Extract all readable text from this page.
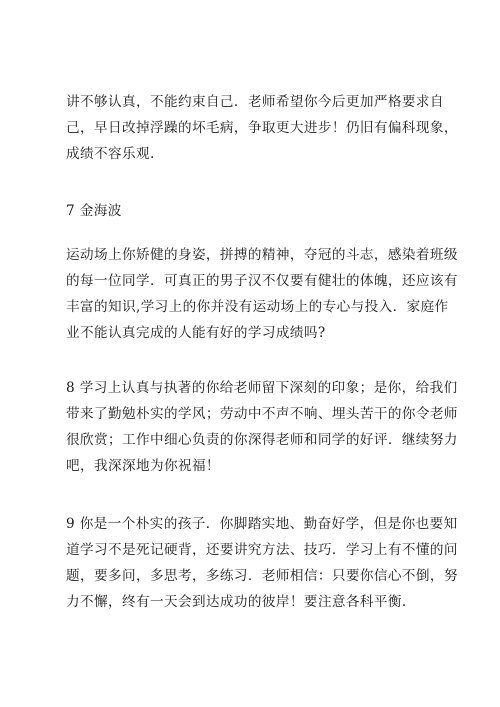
讲不够认真，不能约束自己．老师希望你今后更加严格要求自
己，早日改掉浮躁的坏毛病，争取更大进步！仍旧有偏科现象，
成绩不容乐观.
7 金海波
运动场上你矫健的身姿，拼搏的精神，夺冠的斗志，感染着班级
的每一位同学．可真正的男子汉不仅要有健壮的体魄，还应该有
丰富的知识,学习上的你并没有运动场上的专心与投入．家庭作
业不能认真完成的人能有好的学习成绩吗?
8 学习上认真与执著的你给老师留下深刻的印象；是你，给我们
带来了勤勉朴实的学风；劳动中不声不响、埋头苦干的你令老师
很欣赏；工作中细心负责的你深得老师和同学的好评．继续努力
吧，我深深地为你祝福！
9 你是一个朴实的孩子．你脚踏实地、勤奋好学，但是你也要知
道学习不是死记硬背，还要讲究方法、技巧．学习上有不懂的问
题，要多问，多思考，多练习．老师相信：只要你信心不倒，努
力不懈，终有一天会到达成功的彼岸！要注意各科平衡.
